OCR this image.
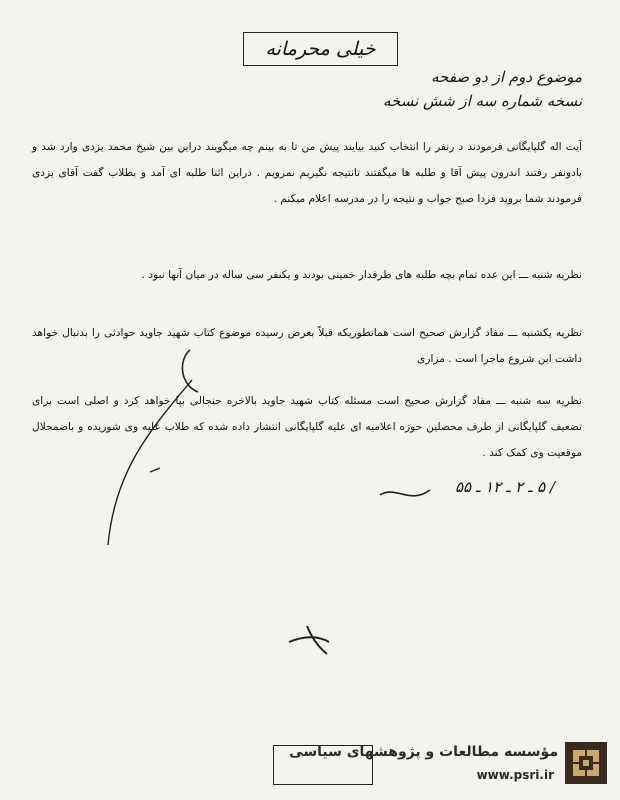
خیلی محرمانه
موضوع دوم از دو صفحه
نسخه شماره سه از شش نسخه
آیت اله گلپایگانی فرمودند د رنفر را انتخاب کنید بیایند پیش من تا به بینم چه میگویند دراین بین شیخ محمد یزدی وارد شد و بادونفر رفتند اندرون پیش آقا و طلبه ها میگفتند تانتیجه نگیریم نمرویم . دراین اثنا طلبه ای آمد و بطلاب گفت آقای یزدی فرمودند شما بروید فردا صبح جواب و نتیجه را در مدرسه اعلام میکنم .
نظریه شنبه ـــ این عده تمام بچه طلبه های طرفدار خمینی بودند و یکنفر سی ساله در میان آنها نبود .
نظریه یکشنبه ـــ مفاد گزارش صحیح است همانطوریکه قبلاً بعرض رسیده موضوع کتاب شهید جاوید حوادثی را بدنبال خواهد داشت این شروع ماجرا است . مزاری
نظریه سه شنبه ـــ مفاد گزارش صحیح است مسئله کتاب شهید جاوید بالاخره جنجالی بپا خواهد کرد و اصلی است برای تضعیف گلپایگانی از طرف محصلین حوزه اعلامیه ای علیه گلپایگانی انتشار داده شده که طلاب علیه وی شوریده و باضمحلال موقعیت وی کمک کند .
/ ۵ ـ ۲ ـ ۱۲ ـ ۵۵
مؤسسه مطالعات و پژوهشهای سیاسی
www.psri.ir
